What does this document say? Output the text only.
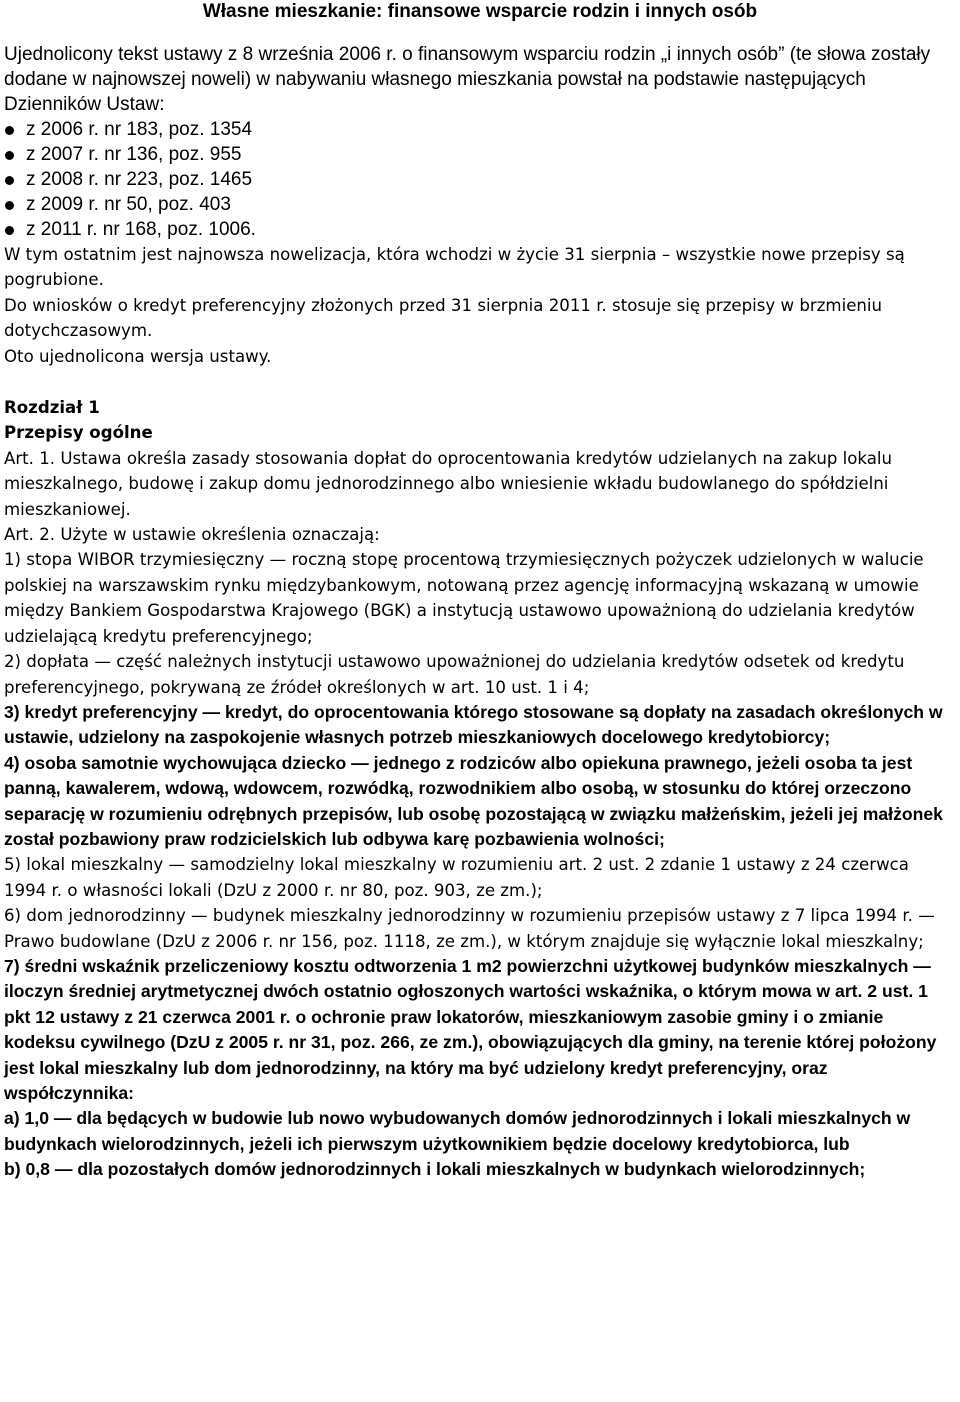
Własne mieszkanie: finansowe wsparcie rodzin i innych osób

Ujednolicony tekst ustawy z 8 września 2006 r. o finansowym wsparciu rodzin „i innych osób” (te słowa zostały dodane w najnowszej noweli) w nabywaniu własnego mieszkania powstał na podstawie następujących Dzienników Ustaw:

z 2006 r. nr 183, poz. 1354
z 2007 r. nr 136, poz. 955
z 2008 r. nr 223, poz. 1465
z 2009 r. nr 50, poz. 403
z 2011 r. nr 168, poz. 1006.

W tym ostatnim jest najnowsza nowelizacja, która wchodzi w życie 31 sierpnia – wszystkie nowe przepisy są pogrubione.

Do wniosków o kredyt preferencyjny złożonych przed 31 sierpnia 2011 r. stosuje się przepisy w brzmieniu dotychczasowym.

Oto ujednolicona wersja ustawy.

Rozdział 1
Przepisy ogólne

Art. 1. Ustawa określa zasady stosowania dopłat do oprocentowania kredytów udzielanych na zakup lokalu mieszkalnego, budowę i zakup domu jednorodzinnego albo wniesienie wkładu budowlanego do spółdzielni mieszkaniowej.

Art. 2. Użyte w ustawie określenia oznaczają:

1) stopa WIBOR trzymiesięczny — roczną stopę procentową trzymiesięcznych pożyczek udzielonych w walucie polskiej na warszawskim rynku międzybankowym, notowaną przez agencję informacyjną wskazaną w umowie między Bankiem Gospodarstwa Krajowego (BGK) a instytucją ustawowo upoważnioną do udzielania kredytów udzielającą kredytu preferencyjnego;

2) dopłata — część należnych instytucji ustawowo upoważnionej do udzielania kredytów odsetek od kredytu preferencyjnego, pokrywaną ze źródeł określonych w art. 10 ust. 1 i 4;

3) kredyt preferencyjny — kredyt, do oprocentowania którego stosowane są dopłaty na zasadach określonych w ustawie, udzielony na zaspokojenie własnych potrzeb mieszkaniowych docelowego kredytobiorcy;

4) osoba samotnie wychowująca dziecko — jednego z rodziców albo opiekuna prawnego, jeżeli osoba ta jest panną, kawalerem, wdową, wdowcem, rozwódką, rozwodnikiem albo osobą, w stosunku do której orzeczono separację w rozumieniu odrębnych przepisów, lub osobę pozostającą w związku małżeńskim, jeżeli jej małżonek został pozbawiony praw rodzicielskich lub odbywa karę pozbawienia wolności;

5) lokal mieszkalny — samodzielny lokal mieszkalny w rozumieniu art. 2 ust. 2 zdanie 1 ustawy z 24 czerwca 1994 r. o własności lokali (DzU z 2000 r. nr 80, poz. 903, ze zm.);

6) dom jednorodzinny — budynek mieszkalny jednorodzinny w rozumieniu przepisów ustawy z 7 lipca 1994 r. — Prawo budowlane (DzU z 2006 r. nr 156, poz. 1118, ze zm.), w którym znajduje się wyłącznie lokal mieszkalny;

7) średni wskaźnik przeliczeniowy kosztu odtworzenia 1 m2 powierzchni użytkowej budynków mieszkalnych — iloczyn średniej arytmetycznej dwóch ostatnio ogłoszonych wartości wskaźnika, o którym mowa w art. 2 ust. 1 pkt 12 ustawy z 21 czerwca 2001 r. o ochronie praw lokatorów, mieszkaniowym zasobie gminy i o zmianie kodeksu cywilnego (DzU z 2005 r. nr 31, poz. 266, ze zm.), obowiązujących dla gminy, na terenie której położony jest lokal mieszkalny lub dom jednorodzinny, na który ma być udzielony kredyt preferencyjny, oraz współczynnika:

a) 1,0 — dla będących w budowie lub nowo wybudowanych domów jednorodzinnych i lokali mieszkalnych w budynkach wielorodzinnych, jeżeli ich pierwszym użytkownikiem będzie docelowy kredytobiorca, lub

b) 0,8 — dla pozostałych domów jednorodzinnych i lokali mieszkalnych w budynkach wielorodzinnych;
